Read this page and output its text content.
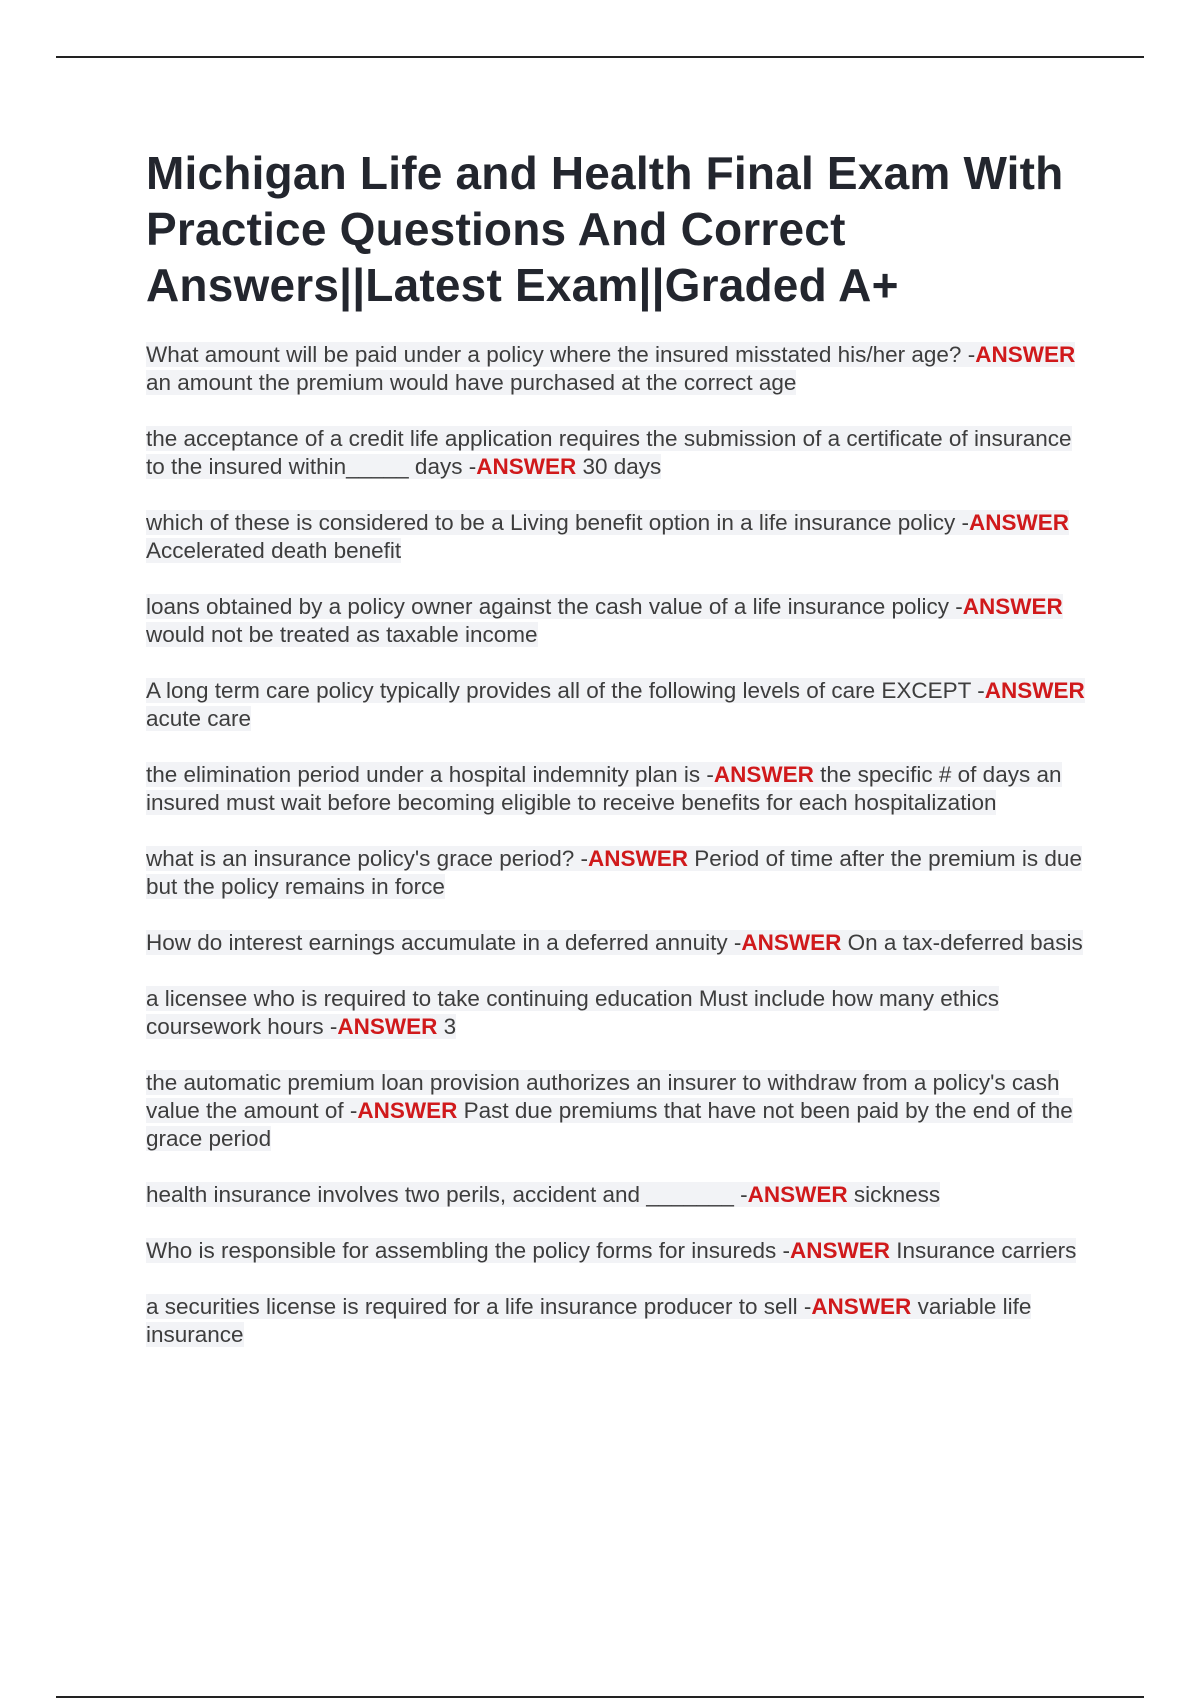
Michigan Life and Health Final Exam With Practice Questions And Correct Answers||Latest Exam||Graded A+

What amount will be paid under a policy where the insured misstated his/her age? -ANSWER an amount the premium would have purchased at the correct age

the acceptance of a credit life application requires the submission of a certificate of insurance to the insured within_____ days -ANSWER 30 days

which of these is considered to be a Living benefit option in a life insurance policy -ANSWER Accelerated death benefit

loans obtained by a policy owner against the cash value of a life insurance policy -ANSWER would not be treated as taxable income

A long term care policy typically provides all of the following levels of care EXCEPT -ANSWER acute care

the elimination period under a hospital indemnity plan is -ANSWER the specific # of days an insured must wait before becoming eligible to receive benefits for each hospitalization

what is an insurance policy's grace period? -ANSWER Period of time after the premium is due but the policy remains in force

How do interest earnings accumulate in a deferred annuity -ANSWER On a tax-deferred basis

a licensee who is required to take continuing education Must include how many ethics coursework hours -ANSWER 3

the automatic premium loan provision authorizes an insurer to withdraw from a policy's cash value the amount of -ANSWER Past due premiums that have not been paid by the end of the grace period

health insurance involves two perils, accident and _______ -ANSWER sickness

Who is responsible for assembling the policy forms for insureds -ANSWER Insurance carriers

a securities license is required for a life insurance producer to sell -ANSWER variable life insurance
